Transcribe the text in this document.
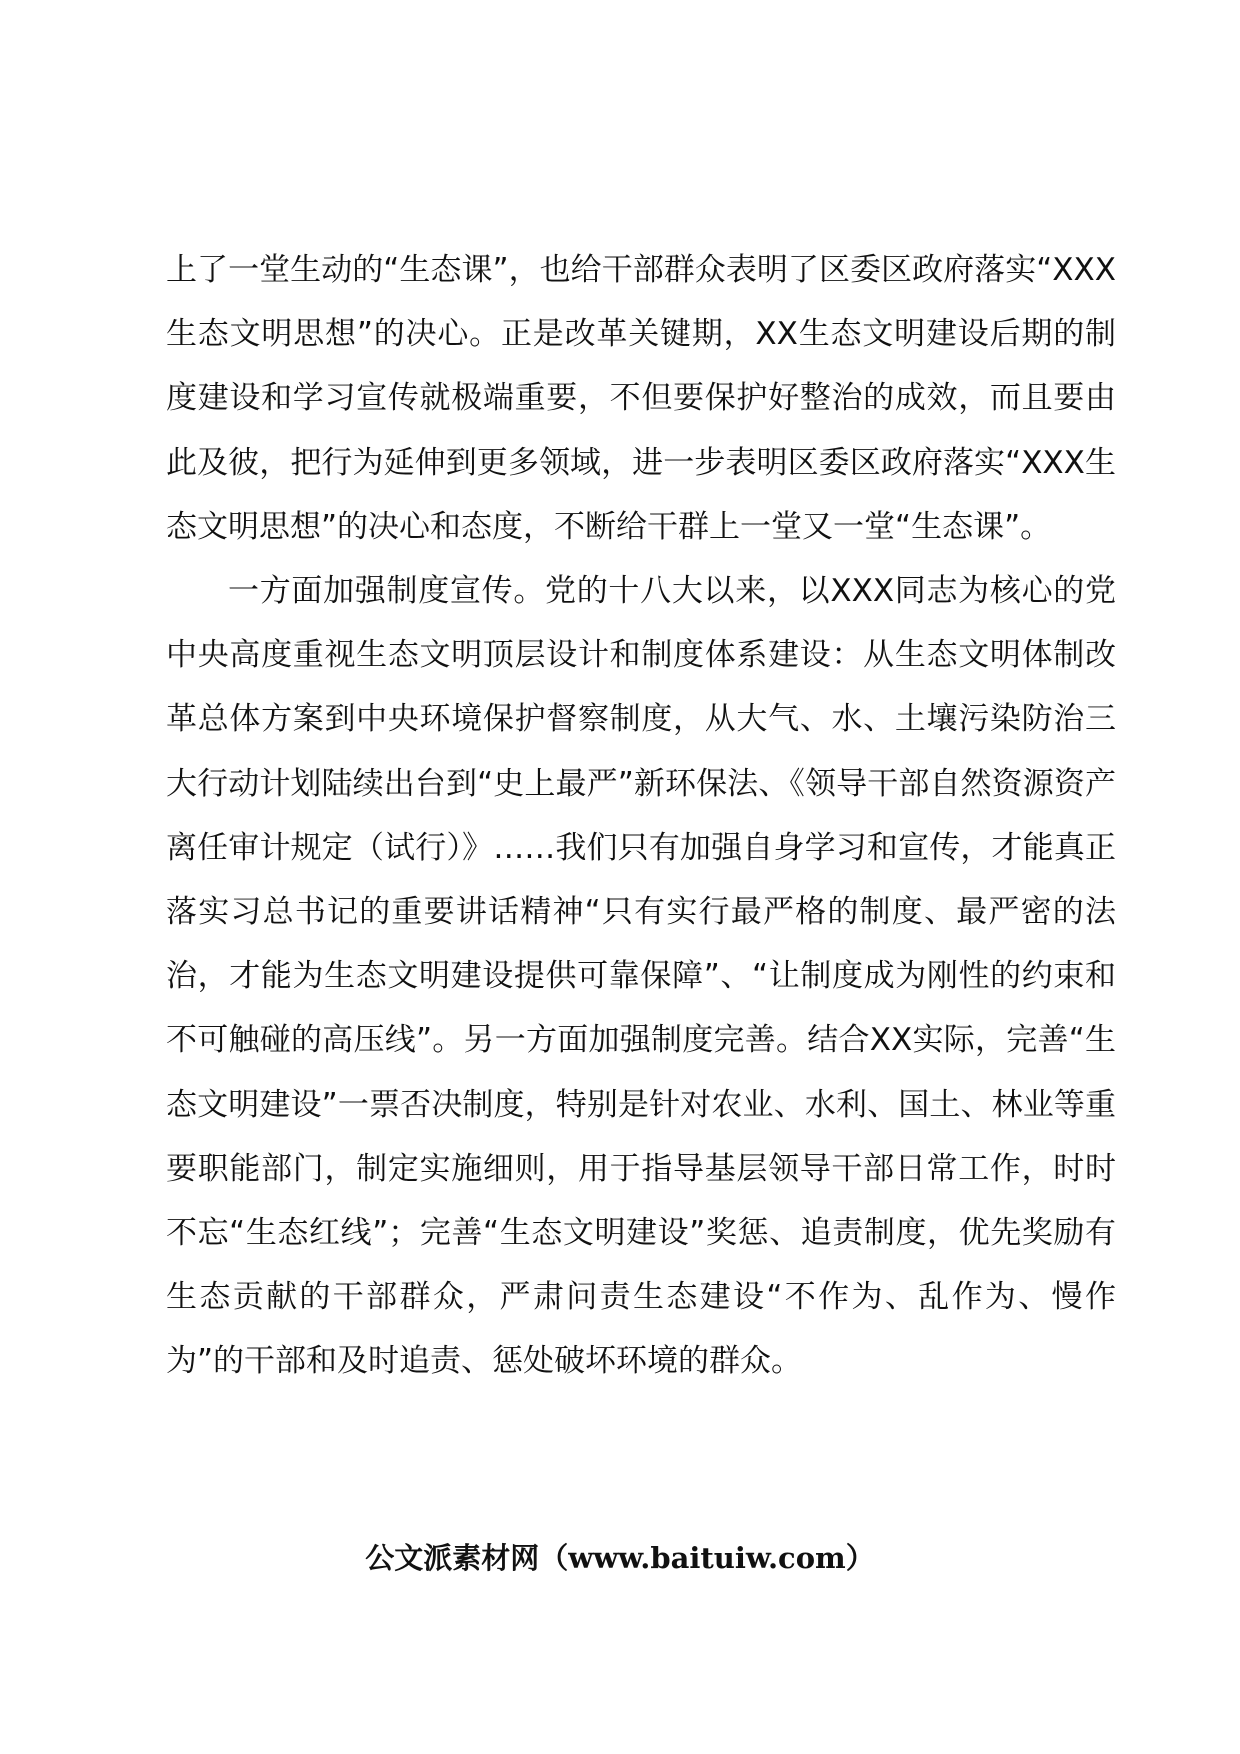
上了一堂生动的“生态课”，也给干部群众表明了区委区政府落实“XXX生态文明思想”的决心。正是改革关键期，XX生态文明建设后期的制度建设和学习宣传就极端重要，不但要保护好整治的成效，而且要由此及彼，把行为延伸到更多领域，进一步表明区委区政府落实“XXX生态文明思想”的决心和态度，不断给干群上一堂又一堂“生态课”。

一方面加强制度宣传。党的十八大以来，以XXX同志为核心的党中央高度重视生态文明顶层设计和制度体系建设：从生态文明体制改革总体方案到中央环境保护督察制度，从大气、水、土壤污染防治三大行动计划陆续出台到“史上最严”新环保法、《领导干部自然资源资产离任审计规定（试行）》……我们只有加强自身学习和宣传，才能真正落实习总书记的重要讲话精神“只有实行最严格的制度、最严密的法治，才能为生态文明建设提供可靠保障”、“让制度成为刚性的约束和不可触碰的高压线”。另一方面加强制度完善。结合XX实际，完善“生态文明建设”一票否决制度，特别是针对农业、水利、国土、林业等重要职能部门，制定实施细则，用于指导基层领导干部日常工作，时时不忘“生态红线”；完善“生态文明建设”奖惩、追责制度，优先奖励有生态贡献的干部群众，严肃问责生态建设“不作为、乱作为、慢作为”的干部和及时追责、惩处破坏环境的群众。

公文派素材网（www.baituiw.com）
